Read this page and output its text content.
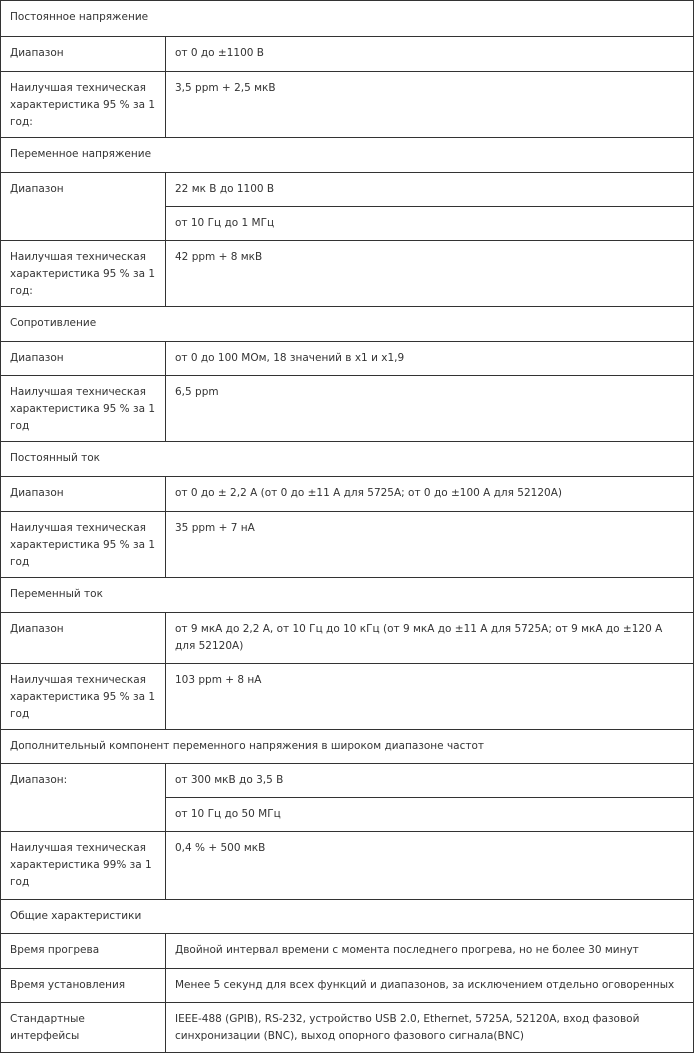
Постоянное напряжение	
Диапазон	от 0 до ±1100 В
Наилучшая техническая характеристика 95 % за 1 год:	3,5 ppm + 2,5 мкВ
Переменное напряжение	
Диапазон	22 мк В до 1100 В
	от 10 Гц до 1 МГц
Наилучшая техническая характеристика 95 % за 1 год:	42 ppm + 8 мкВ
Сопротивление	
Диапазон	от 0 до 100 МОм, 18 значений в x1 и x1,9
Наилучшая техническая характеристика 95 % за 1 год	6,5 ppm
Постоянный ток	
Диапазон	от 0 до ± 2,2 А (от 0 до ±11 А для 5725A; от 0 до ±100 А для 52120A)
Наилучшая техническая характеристика 95 % за 1 год	35 ppm + 7 нА
Переменный ток	
Диапазон	от 9 мкА до 2,2 А, от 10 Гц до 10 кГц (от 9 мкА до ±11 А для 5725A; от 9 мкА до ±120 А для 52120A)
Наилучшая техническая характеристика 95 % за 1 год	103 ppm + 8 нА
Дополнительный компонент переменного напряжения в широком диапазоне частот	
Диапазон:	от 300 мкВ до 3,5 В
	от 10 Гц до 50 МГц
Наилучшая техническая характеристика 99% за 1 год	0,4 % + 500 мкВ
Общие характеристики	
Время прогрева	Двойной интервал времени с момента последнего прогрева, но не более 30 минут
Время установления	Менее 5 секунд для всех функций и диапазонов, за исключением отдельно оговоренных
Стандартные интерфейсы	IEEE-488 (GPIB), RS-232, устройство USB 2.0, Ethernet, 5725A, 52120A, вход фазовой синхронизации (BNC), выход опорного фазового сигнала(BNC)
